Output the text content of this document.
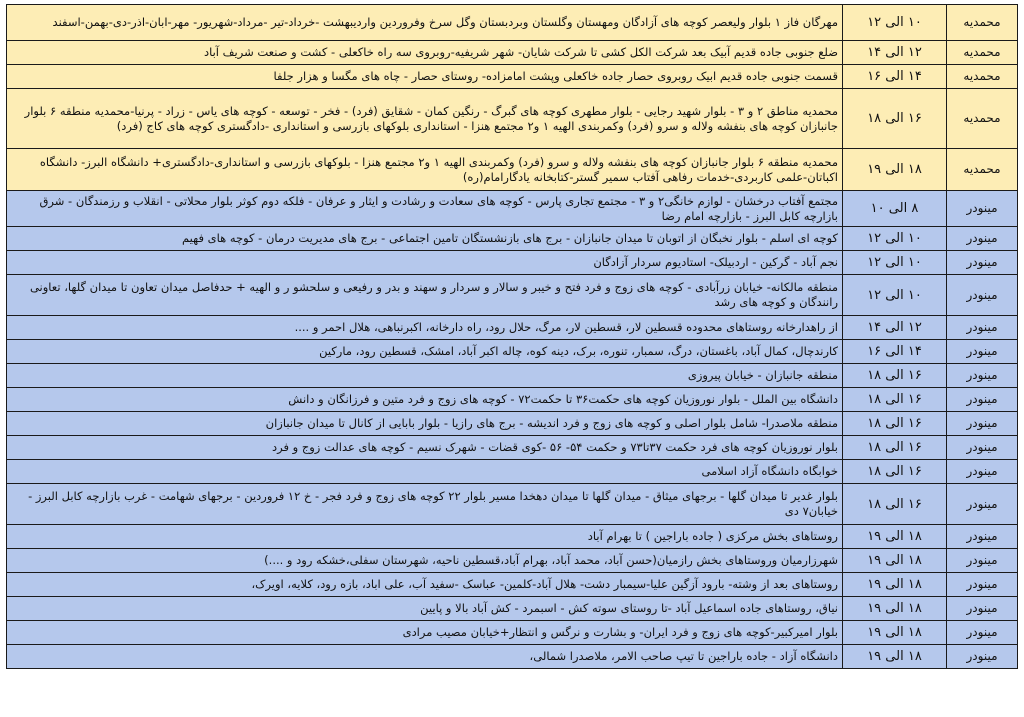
محمدیه	۱۰ الی ۱۲	مهرگان فاز ۱ بلوار ولیعصر کوچه های آزادگان ومهستان وگلستان وبردبستان وگل سرخ وفروردین واردیبهشت -خرداد-تیر -مرداد-شهریور- مهر-ابان-اذر-دی-بهمن-اسفند
محمدیه	۱۲ الی ۱۴	ضلع جنوبی جاده قدیم آبیک بعد شرکت الکل کشی تا شرکت شایان- شهر شریفیه-روبروی سه راه خاکعلی - کشت و صنعت شریف آباد
محمدیه	۱۴ الی ۱۶	قسمت جنوبی جاده قدیم ابیک روبروی حصار جاده خاکعلی وپشت امامزاده- روستای حصار - چاه های مگسا و هزار جلفا
محمدیه	۱۶ الی ۱۸	محمدیه مناطق ۲ و ۳ - بلوار شهید رجایی - بلوار مطهری کوچه های گبرگ - رنگین کمان - شقایق (فرد) - فخر - توسعه - کوچه های یاس - زراد - پرنیا-محمدیه منطقه ۶ بلوار جانبازان کوچه های بنفشه ولاله و سرو (فرد) وکمربندی الهیه ۱ و۲ مجتمع هنزا - استانداری بلوکهای بازرسی و استانداری -دادگستری کوچه های کاج (فرد)
محمدیه	۱۸ الی ۱۹	محمدیه منطقه ۶ بلوار جانبازان کوچه های بنفشه ولاله و سرو (فرد) وکمربندی الهیه ۱ و۲ مجتمع هنزا - بلوکهای بازرسی و استانداری-دادگستری+ دانشگاه البرز- دانشگاه اکباتان-علمی کاربردی-خدمات رفاهی آفتاب سمیر گستر-کتابخانه یادگارامام(ره)
مینودر	۸ الی ۱۰	مجتمع آفتاب درخشان - لوازم خانگی۲ و ۳ - مجتمع تجاری پارس - کوچه های سعادت و رشادت و ایثار و عرفان - فلکه دوم کوثر بلوار محلاتی - انقلاب و رزمندگان - شرق بازارچه کابل البرز - بازارچه امام رضا
مینودر	۱۰ الی ۱۲	کوچه ای اسلم - بلوار نخبگان از اتوبان تا میدان جانبازان - برج های بازنشستگان تامین اجتماعی - برج های مدیریت درمان - کوچه های فهیم
مینودر	۱۰ الی ۱۲	نجم آباد - گرکین - اردبیلک- استادیوم سردار آزادگان
مینودر	۱۰ الی ۱۲	منطقه مالکانه- خیابان زرآبادی - کوچه های زوج و فرد فتح و خیبر و سالار و سردار و سهند و بدر و رفیعی و سلحشو ر و الهیه + حدفاصل میدان تعاون تا میدان گلها، تعاونی رانندگان و کوچه های رشد
مینودر	۱۲ الی ۱۴	از راهدارخانه روستاهای محدوده قسطین لار، قسطین لار، مرگ، حلال رود، راه دارخانه، اکبرنباهی، هلال احمر و ....
مینودر	۱۴ الی ۱۶	کارندچال، کمال آباد، باغستان، درگ، سمبار، تنوره، برک، دینه کوه، چاله اکبر آباد، امشک، قسطین رود، مارکین
مینودر	۱۶ الی ۱۸	منطقه جانبازان - خیابان پیروزی
مینودر	۱۶ الی ۱۸	دانشگاه بین الملل - بلوار نوروزیان کوچه های حکمت۳۶ تا حکمت۷۲ - کوچه های زوج و فرد متین و فرزانگان و دانش
مینودر	۱۶ الی ۱۸	منطقه ملاصدرا- شامل بلوار اصلی و کوچه های زوج و فرد اندیشه - برج های رازیا - بلوار بابایی از کانال تا میدان جانبازان
مینودر	۱۶ الی ۱۸	بلوار نوروزیان کوچه های فرد حکمت ۳۷تا۷۳ و حکمت ۵۴- ۵۶ -کوی قضات - شهرک نسیم - کوچه های عدالت زوج و فرد
مینودر	۱۶ الی ۱۸	خوابگاه دانشگاه آزاد اسلامی
مینودر	۱۶ الی ۱۸	بلوار غدیر تا میدان گلها - برجهای میثاق - میدان گلها تا میدان دهخدا مسیر بلوار ۲۲ کوچه های زوج و فرد فجر - خ ۱۲ فروردین - برجهای شهامت - غرب بازارچه کابل البرز - خیابان۷ دی
مینودر	۱۸ الی ۱۹	روستاهای بخش مرکزی ( جاده باراجین ) تا بهرام آباد
مینودر	۱۸ الی ۱۹	شهرزارمیان وروستاهای بخش رازمیان(حسن آباد، محمد آباد، بهرام آباد،قسطین ناحیه، شهرستان سفلی،خشکه رود و ....)
مینودر	۱۸ الی ۱۹	روستاهای بعد از وشته- بارود آزگین علیا-سیمبار دشت- هلال آباد-کلمین- عباسک -سفید آب، علی اباد، بازه رود، کلایه، اویرک،
مینودر	۱۸ الی ۱۹	نیاق، روستاهای جاده اسماعیل آباد -تا روستای سوته کش - اسبمرد - کش آباد بالا و پایین
مینودر	۱۸ الی ۱۹	بلوار امیرکبیر-کوچه های زوج و فرد ایران- و بشارت و نرگس و انتظار+خیابان مصیب مرادی
مینودر	۱۸ الی ۱۹	دانشگاه آزاد - جاده باراجین تا تیپ صاحب الامر، ملاصدرا شمالی،
